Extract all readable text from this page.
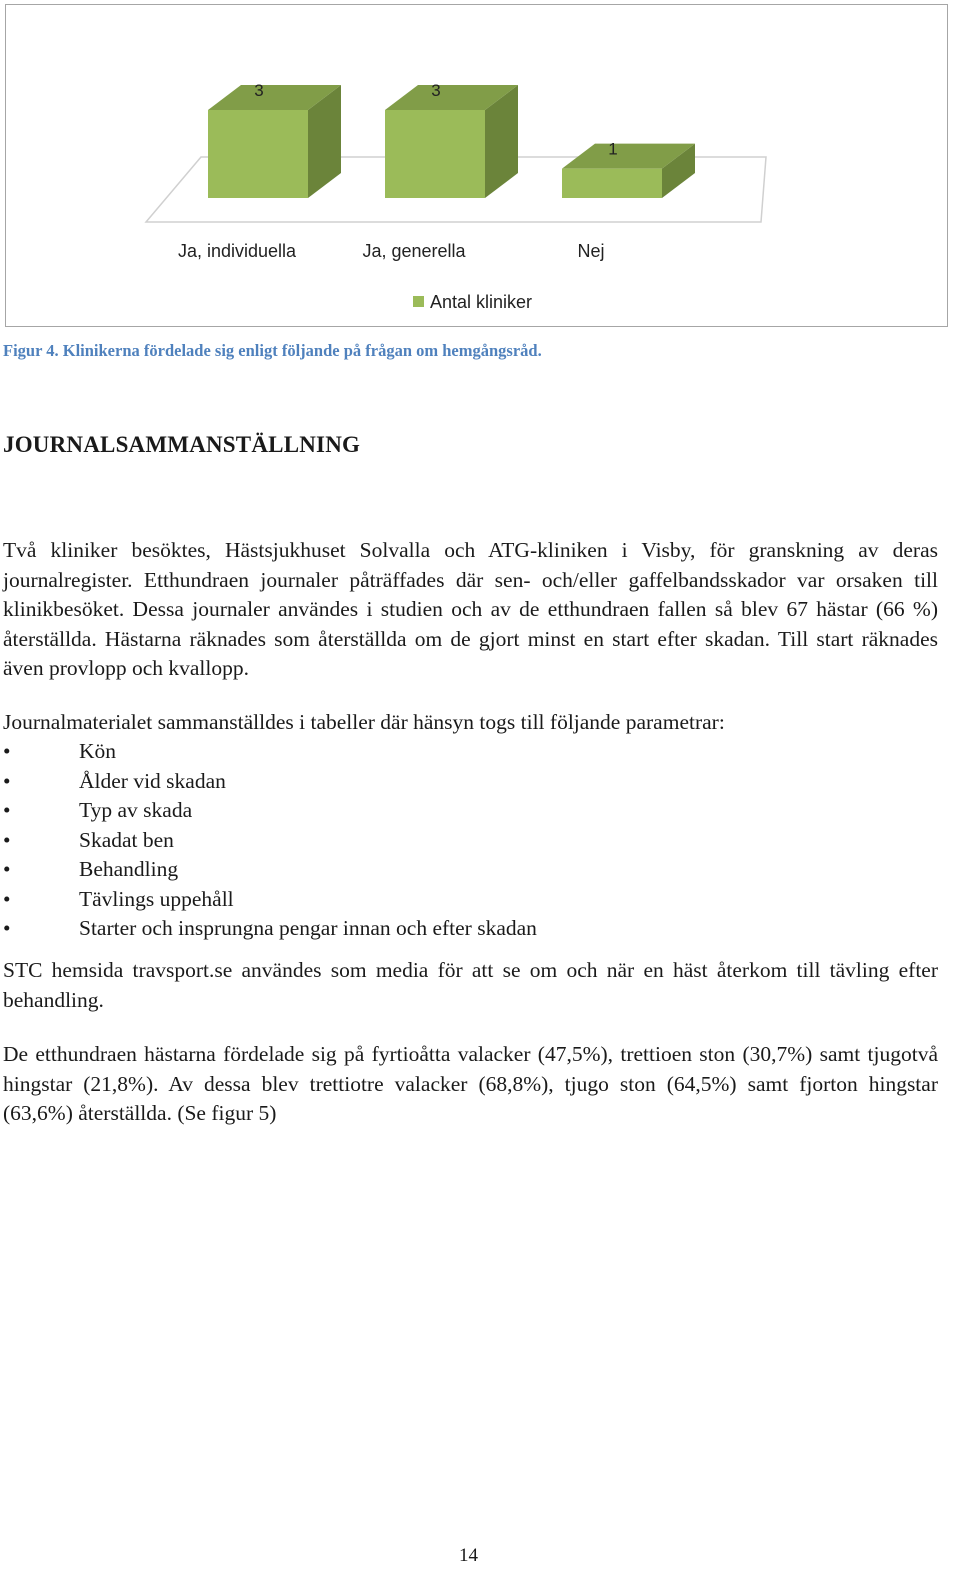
3
Ja, individuella
3
Ja, generella
1
Nej
Antal kliniker
Figur 4. Klinikerna fördelade sig enligt följande på frågan om hemgångsråd.
JOURNALSAMMANSTÄLLNING

Två kliniker besöktes, Hästsjukhuset Solvalla och ATG-kliniken i Visby, för granskning av deras journalregister. Etthundraen journaler påträffades där sen- och/eller gaffelbandsskador var orsaken till klinikbesöket. Dessa journaler användes i studien och av de etthundraen fallen så blev 67 hästar (66 %) återställda. Hästarna räknades som återställda om de gjort minst en start efter skadan. Till start räknades även provlopp och kvallopp.

Journalmaterialet sammanställdes i tabeller där hänsyn togs till följande parametrar:

•	Kön
•	Ålder vid skadan
•	Typ av skada
•	Skadat ben
•	Behandling
•	Tävlings uppehåll
•	Starter och insprungna pengar innan och efter skadan

STC hemsida travsport.se användes som media för att se om och när en häst återkom till tävling efter behandling.

De etthundraen hästarna fördelade sig på fyrtioåtta valacker (47,5%), trettioen ston (30,7%) samt tjugotvå hingstar (21,8%). Av dessa blev trettiotre valacker (68,8%), tjugo ston (64,5%) samt fjorton hingstar (63,6%) återställda. (Se figur 5)

14
